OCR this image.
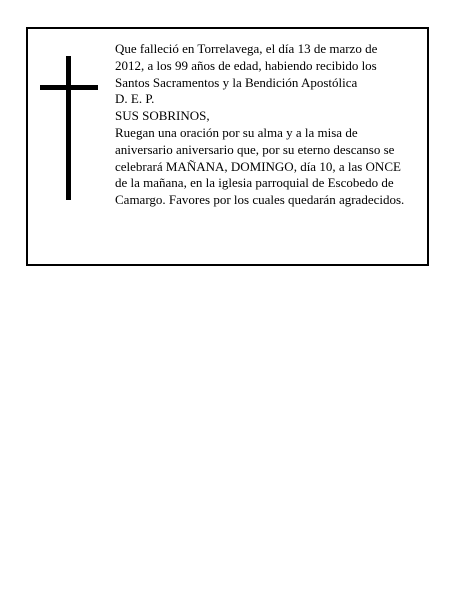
Que falleció en Torrelavega, el día 13 de marzo de
2012, a los 99 años de edad, habiendo recibido los
Santos Sacramentos y la Bendición Apostólica
D. E. P.
SUS SOBRINOS,
Ruegan una oración por su alma y a la misa de
aniversario aniversario que, por su eterno descanso se
celebrará MAÑANA, DOMINGO, día 10, a las ONCE
de la mañana, en la iglesia parroquial de Escobedo de
Camargo. Favores por los cuales quedarán agradecidos.
